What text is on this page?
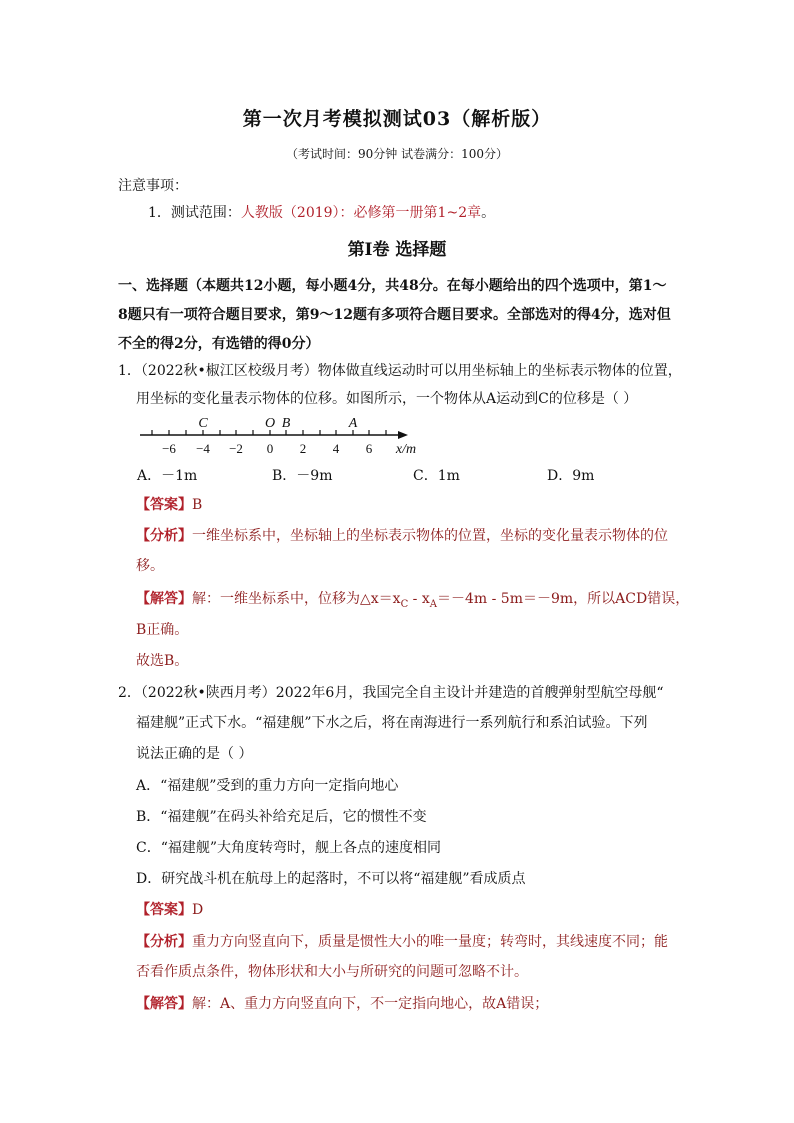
第一次月考模拟测试03（解析版）
（考试时间：90分钟 试卷满分：100分）
注意事项：
1．测试范围：人教版（2019）：必修第一册第1~2章。
第Ⅰ卷 选择题
一、选择题（本题共12小题，每小题4分，共48分。在每小题给出的四个选项中，第1～
8题只有一项符合题目要求，第9～12题有多项符合题目要求。全部选对的得4分，选对但
不全的得2分，有选错的得0分）
1．（2022秋•椒江区校级月考）物体做直线运动时可以用坐标轴上的坐标表示物体的位置，
用坐标的变化量表示物体的位移。如图所示，一个物体从A运动到C的位移是（ ）
−6 −4 −2 0 2 4 6
C	O B	A
x/m
A．－1m	B．－9m	C．1m	D．9m
【答案】B
【分析】一维坐标系中，坐标轴上的坐标表示物体的位置，坐标的变化量表示物体的位
移。
【解答】解：一维坐标系中，位移为$\triangle x=x_C - x_A=-4m - 5m=-9m$，所以ACD错误，
B正确。
故选B。
2．（2022秋•陕西月考）2022年6月，我国完全自主设计并建造的首艘弹射型航空母舰“
福建舰”正式下水。“福建舰”下水之后，将在南海进行一系列航行和系泊试验。下列
说法正确的是（ ）
A．“福建舰”受到的重力方向一定指向地心
B．“福建舰”在码头补给充足后，它的惯性不变
C．“福建舰”大角度转弯时，舰上各点的速度相同
D．研究战斗机在航母上的起落时，不可以将“福建舰”看成质点
【答案】D
【分析】重力方向竖直向下，质量是惯性大小的唯一量度；转弯时，其线速度不同；能
否看作质点条件，物体形状和大小与所研究的问题可忽略不计。
【解答】解：A、重力方向竖直向下，不一定指向地心，故A错误；
